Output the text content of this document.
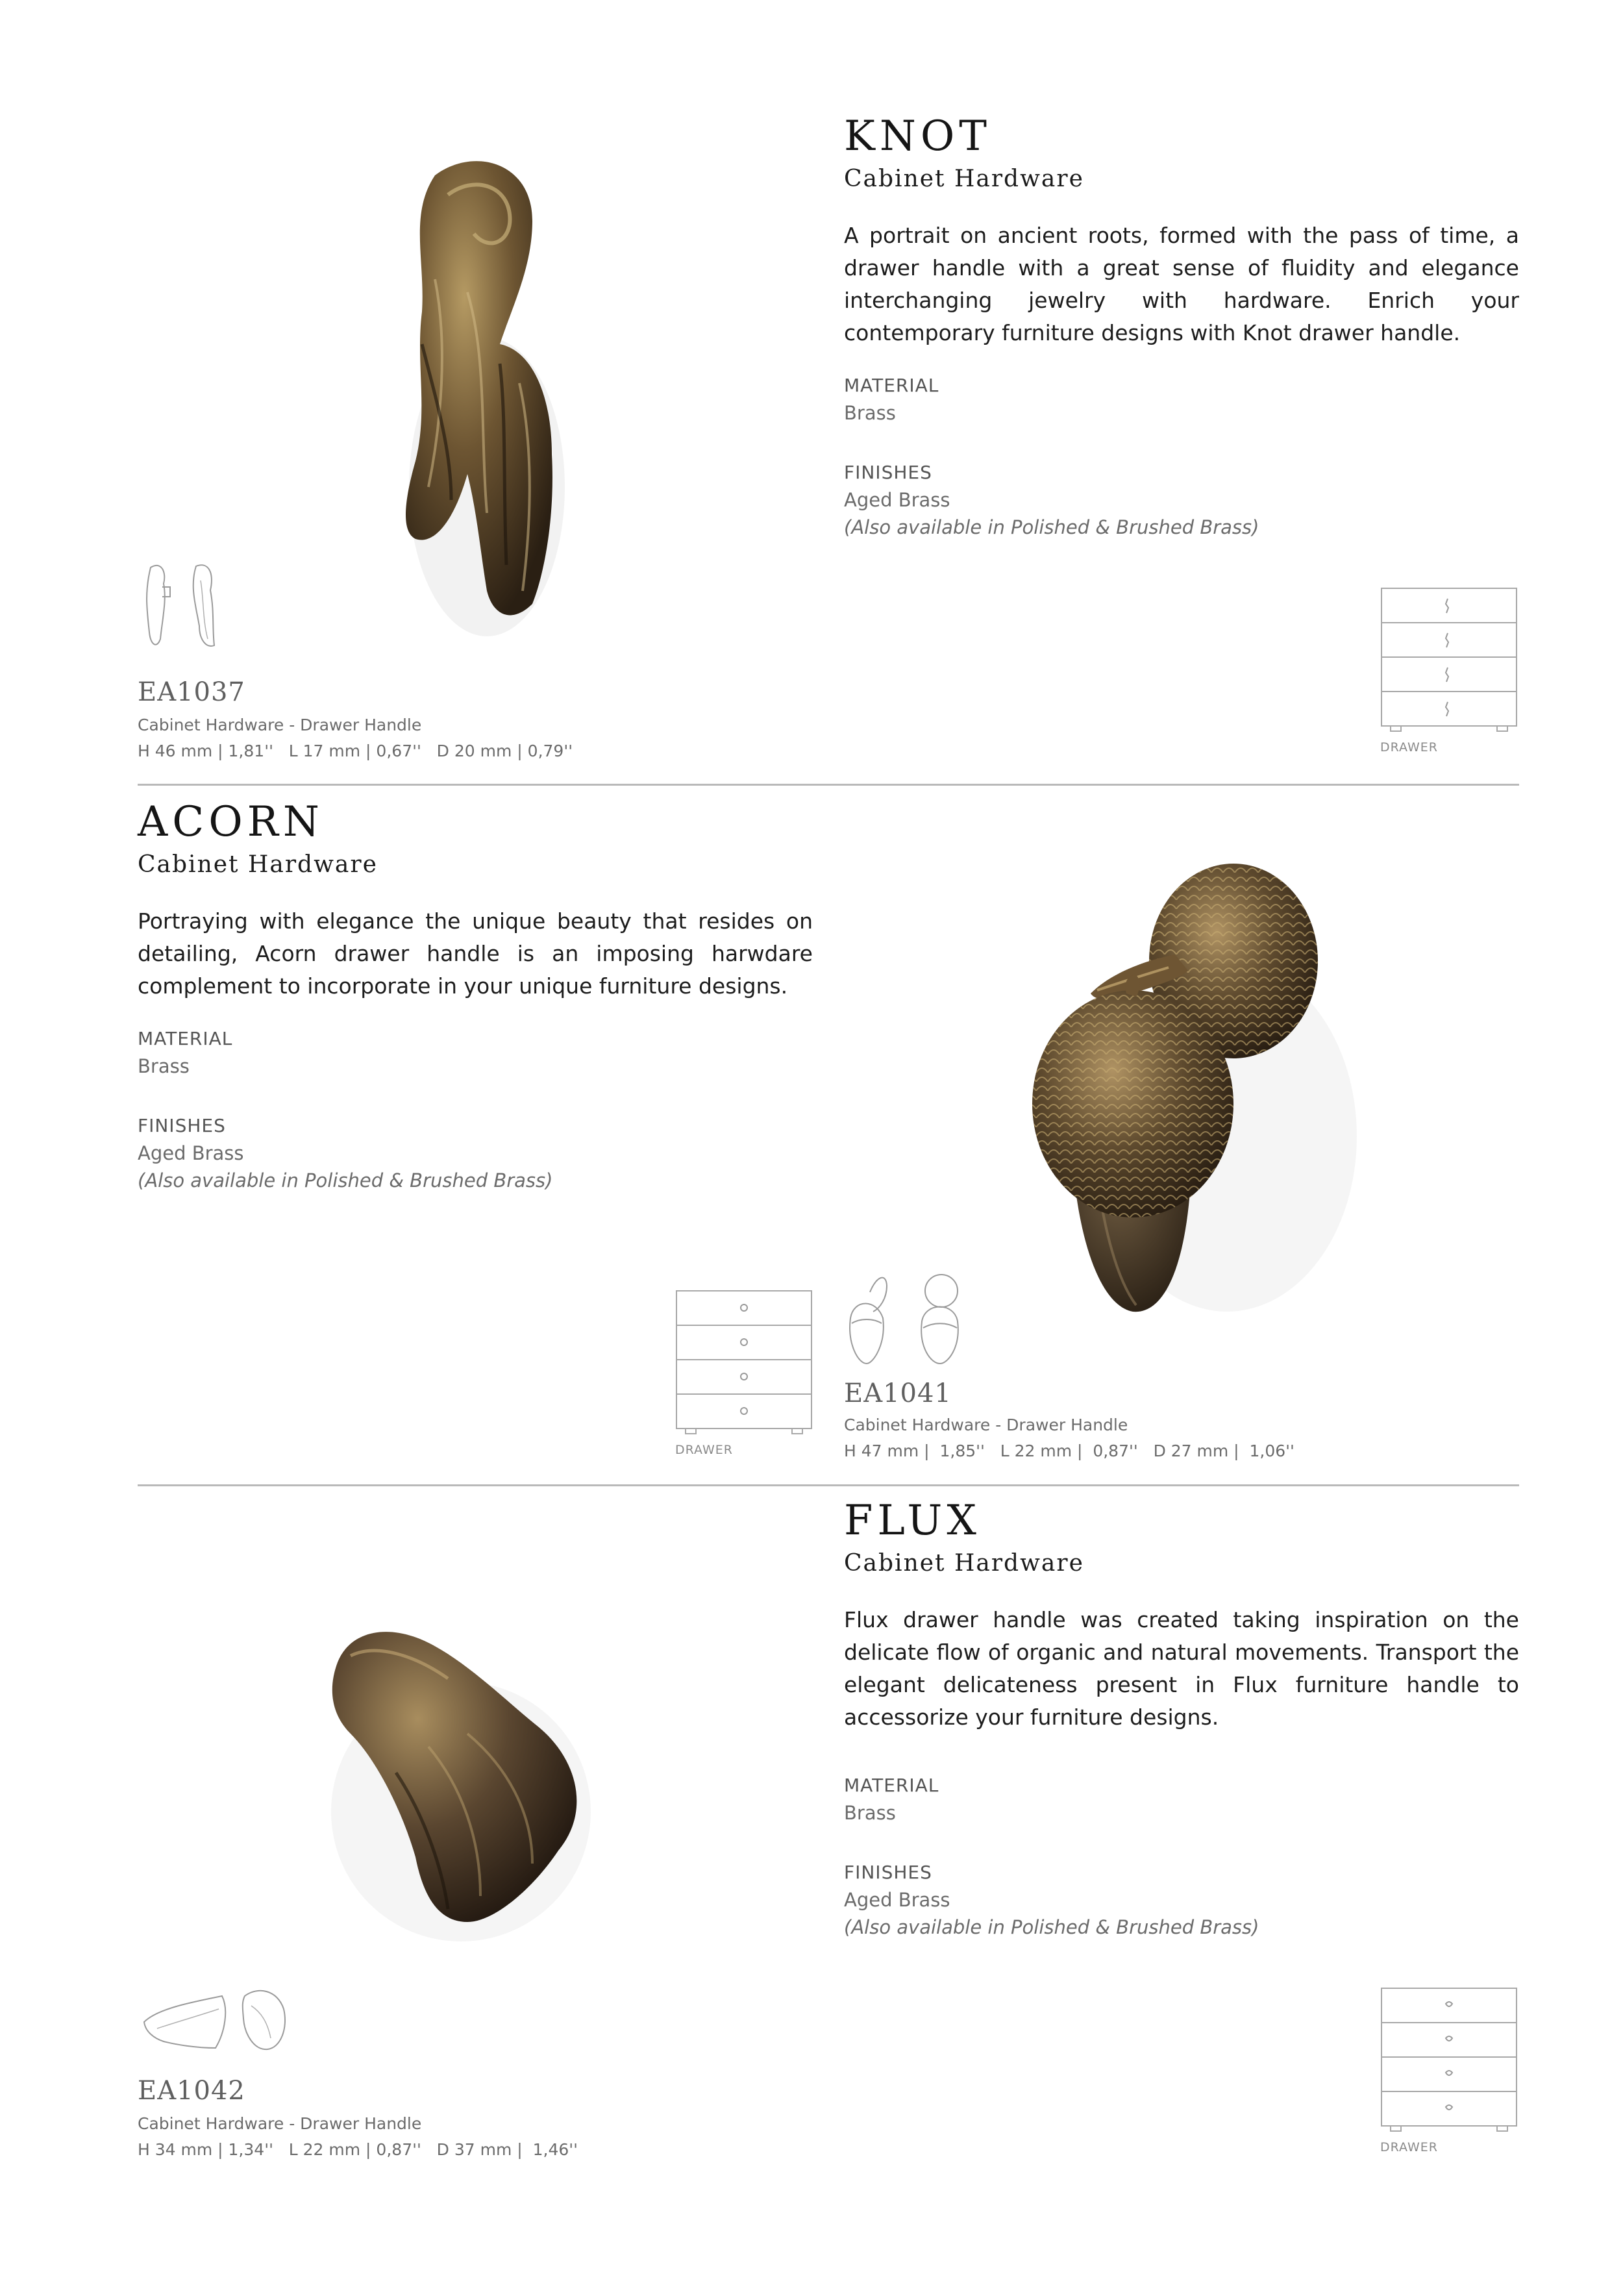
KNOT
Cabinet Hardware
A portrait on ancient roots, formed with the pass of time, a drawer handle with a great sense of fluidity and elegance interchanging jewelry with hardware. Enrich your contemporary furniture designs with Knot drawer handle.
MATERIAL
Brass
FINISHES
Aged Brass
(Also available in Polished & Brushed Brass)
EA1037
Cabinet Hardware - Drawer Handle
H 46 mm | 1,81''   L 17 mm | 0,67''   D 20 mm | 0,79''	DRAWER
ACORN
Cabinet Hardware
Portraying with elegance the unique beauty that resides on detailing, Acorn drawer handle is an imposing harwdare complement to incorporate in your unique furniture designs.
MATERIAL
Brass
FINISHES
Aged Brass
(Also available in Polished & Brushed Brass)
EA1041
Cabinet Hardware - Drawer Handle
H 47 mm |  1,85''   L 22 mm |  0,87''   D 27 mm |  1,06''
DRAWER
FLUX
Cabinet Hardware
Flux drawer handle was created taking inspiration on the delicate flow of organic and natural movements. Transport the elegant delicateness present in Flux furniture handle to accessorize your furniture designs.
MATERIAL
Brass
FINISHES
Aged Brass
(Also available in Polished & Brushed Brass)
EA1042
Cabinet Hardware - Drawer Handle
H 34 mm | 1,34''   L 22 mm | 0,87''   D 37 mm |  1,46''	DRAWER
